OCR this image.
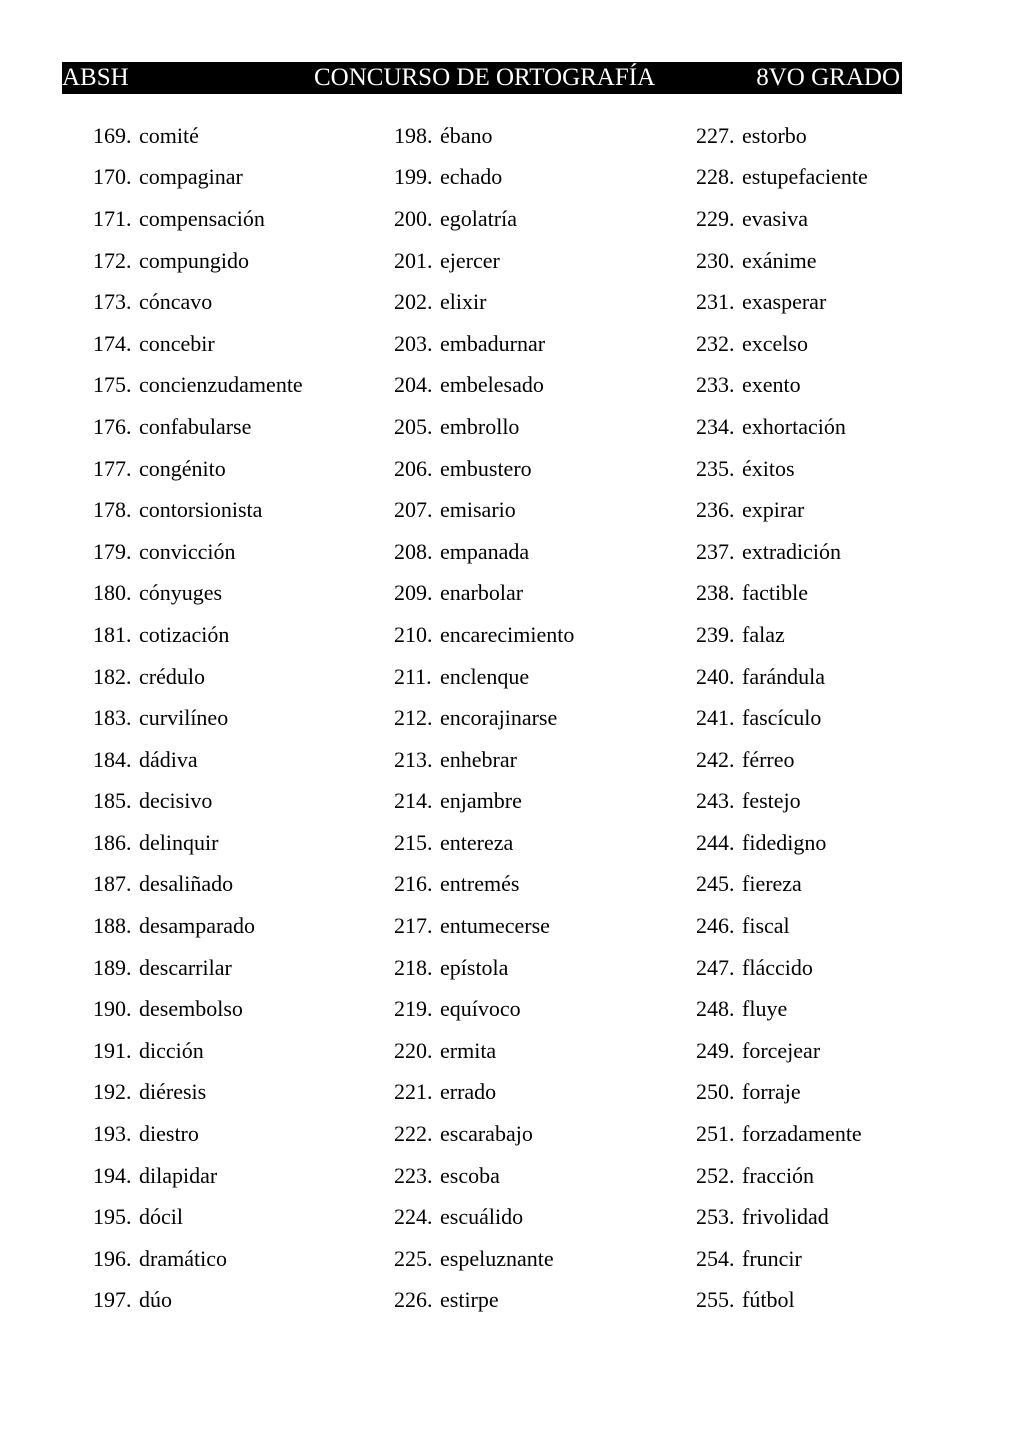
ABSH	CONCURSO DE ORTOGRAFÍA	8VO GRADO
169. comité
170. compaginar
171. compensación
172. compungido
173. cóncavo
174. concebir
175. concienzudamente
176. confabularse
177. congénito
178. contorsionista
179. convicción
180. cónyuges
181. cotización
182. crédulo
183. curvilíneo
184. dádiva
185. decisivo
186. delinquir
187. desaliñado
188. desamparado
189. descarrilar
190. desembolso
191. dicción
192. diéresis
193. diestro
194. dilapidar
195. dócil
196. dramático
197. dúo
198. ébano
199. echado
200. egolatría
201. ejercer
202. elixir
203. embadurnar
204. embelesado
205. embrollo
206. embustero
207. emisario
208. empanada
209. enarbolar
210. encarecimiento
211. enclenque
212. encorajinarse
213. enhebrar
214. enjambre
215. entereza
216. entremés
217. entumecerse
218. epístola
219. equívoco
220. ermita
221. errado
222. escarabajo
223. escoba
224. escuálido
225. espeluznante
226. estirpe
227. estorbo
228. estupefaciente
229. evasiva
230. exánime
231. exasperar
232. excelso
233. exento
234. exhortación
235. éxitos
236. expirar
237. extradición
238. factible
239. falaz
240. farándula
241. fascículo
242. férreo
243. festejo
244. fidedigno
245. fiereza
246. fiscal
247. fláccido
248. fluye
249. forcejear
250. forraje
251. forzadamente
252. fracción
253. frivolidad
254. fruncir
255. fútbol
